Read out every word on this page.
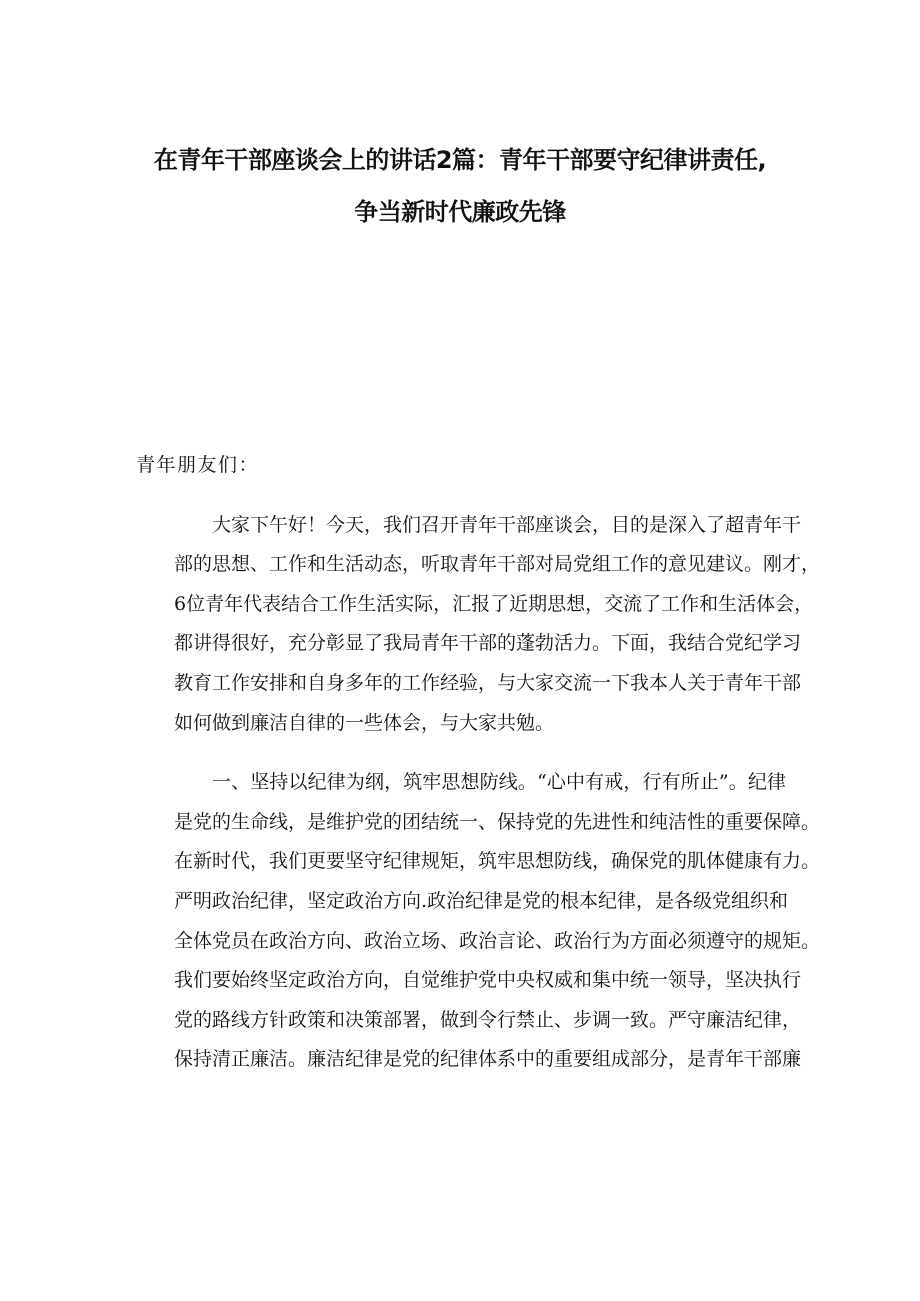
在青年干部座谈会上的讲话2篇：青年干部要守纪律讲责任,
争当新时代廉政先锋
青年朋友们：
大家下午好！今天，我们召开青年干部座谈会，目的是深入了超青年干
部的思想、工作和生活动态，听取青年干部对局党组工作的意见建议。刚才，
6位青年代表结合工作生活实际，汇报了近期思想，交流了工作和生活体会，
都讲得很好，充分彰显了我局青年干部的蓬勃活力。下面，我结合党纪学习
教育工作安排和自身多年的工作经验，与大家交流一下我本人关于青年干部
如何做到廉洁自律的一些体会，与大家共勉。
一、坚持以纪律为纲，筑牢思想防线。“心中有戒，行有所止”。纪律
是党的生命线，是维护党的团结统一、保持党的先进性和纯洁性的重要保障。
在新时代，我们更要坚守纪律规矩，筑牢思想防线，确保党的肌体健康有力。
严明政治纪律，坚定政治方向.政治纪律是党的根本纪律，是各级党组织和
全体党员在政治方向、政治立场、政治言论、政治行为方面必须遵守的规矩。
我们要始终坚定政治方向，自觉维护党中央权威和集中统一领导，坚决执行
党的路线方针政策和决策部署，做到令行禁止、步调一致。严守廉洁纪律，
保持清正廉洁。廉洁纪律是党的纪律体系中的重要组成部分，是青年干部廉
